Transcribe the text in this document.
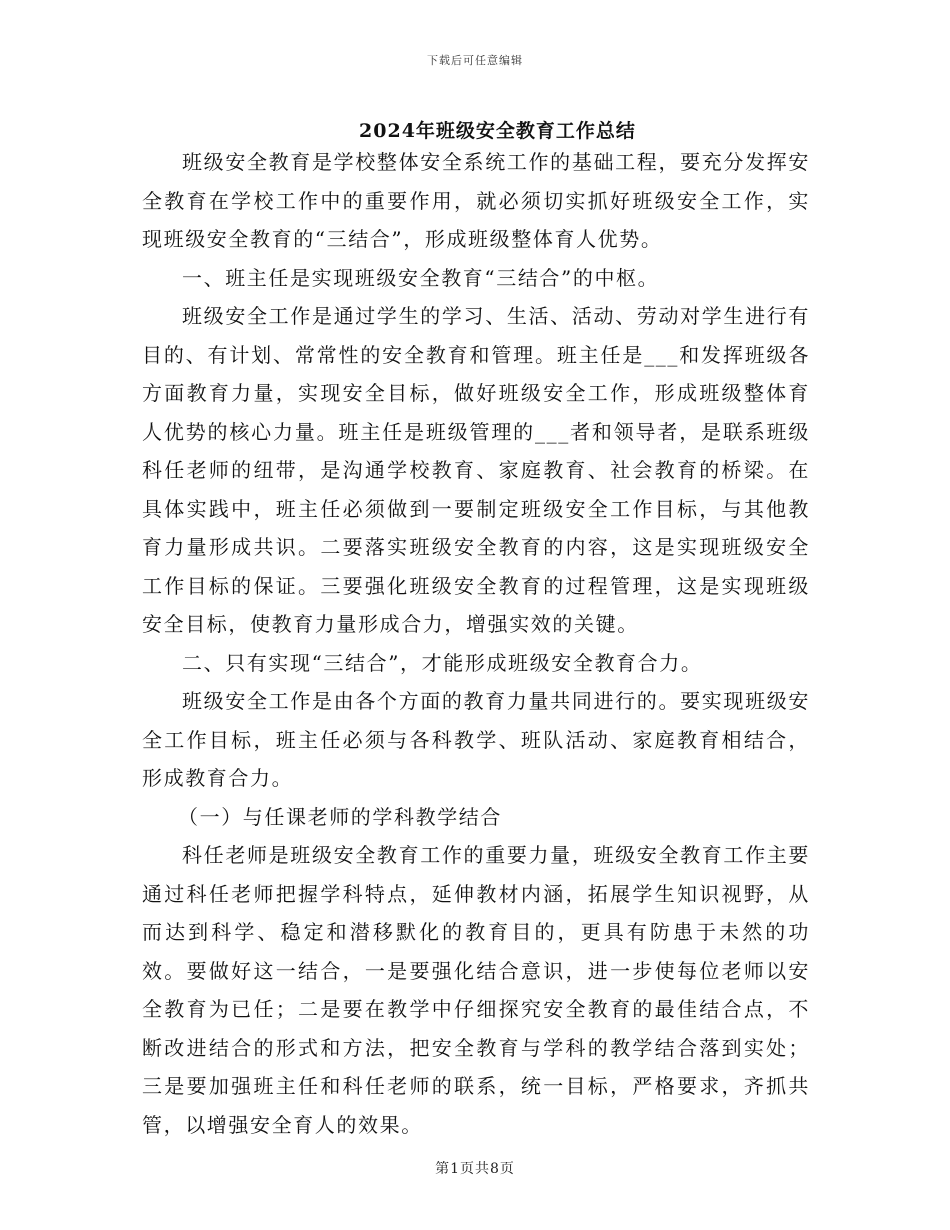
下载后可任意编辑
2024年班级安全教育工作总结

班级安全教育是学校整体安全系统工作的基础工程，要充分发挥安全教育在学校工作中的重要作用，就必须切实抓好班级安全工作，实现班级安全教育的“三结合”，形成班级整体育人优势。

一、班主任是实现班级安全教育“三结合”的中枢。

班级安全工作是通过学生的学习、生活、活动、劳动对学生进行有目的、有计划、常常性的安全教育和管理。班主任是___和发挥班级各方面教育力量，实现安全目标，做好班级安全工作，形成班级整体育人优势的核心力量。班主任是班级管理的___者和领导者，是联系班级科任老师的纽带，是沟通学校教育、家庭教育、社会教育的桥梁。在具体实践中，班主任必须做到一要制定班级安全工作目标，与其他教育力量形成共识。二要落实班级安全教育的内容，这是实现班级安全工作目标的保证。三要强化班级安全教育的过程管理，这是实现班级安全目标，使教育力量形成合力，增强实效的关键。

二、只有实现“三结合”，才能形成班级安全教育合力。

班级安全工作是由各个方面的教育力量共同进行的。要实现班级安全工作目标，班主任必须与各科教学、班队活动、家庭教育相结合，形成教育合力。

（一）与任课老师的学科教学结合

科任老师是班级安全教育工作的重要力量，班级安全教育工作主要通过科任老师把握学科特点，延伸教材内涵，拓展学生知识视野，从而达到科学、稳定和潜移默化的教育目的，更具有防患于未然的功效。要做好这一结合，一是要强化结合意识，进一步使每位老师以安全教育为已任；二是要在教学中仔细探究安全教育的最佳结合点，不断改进结合的形式和方法，把安全教育与学科的教学结合落到实处；三是要加强班主任和科任老师的联系，统一目标，严格要求，齐抓共管，以增强安全育人的效果。

第1页共8页
